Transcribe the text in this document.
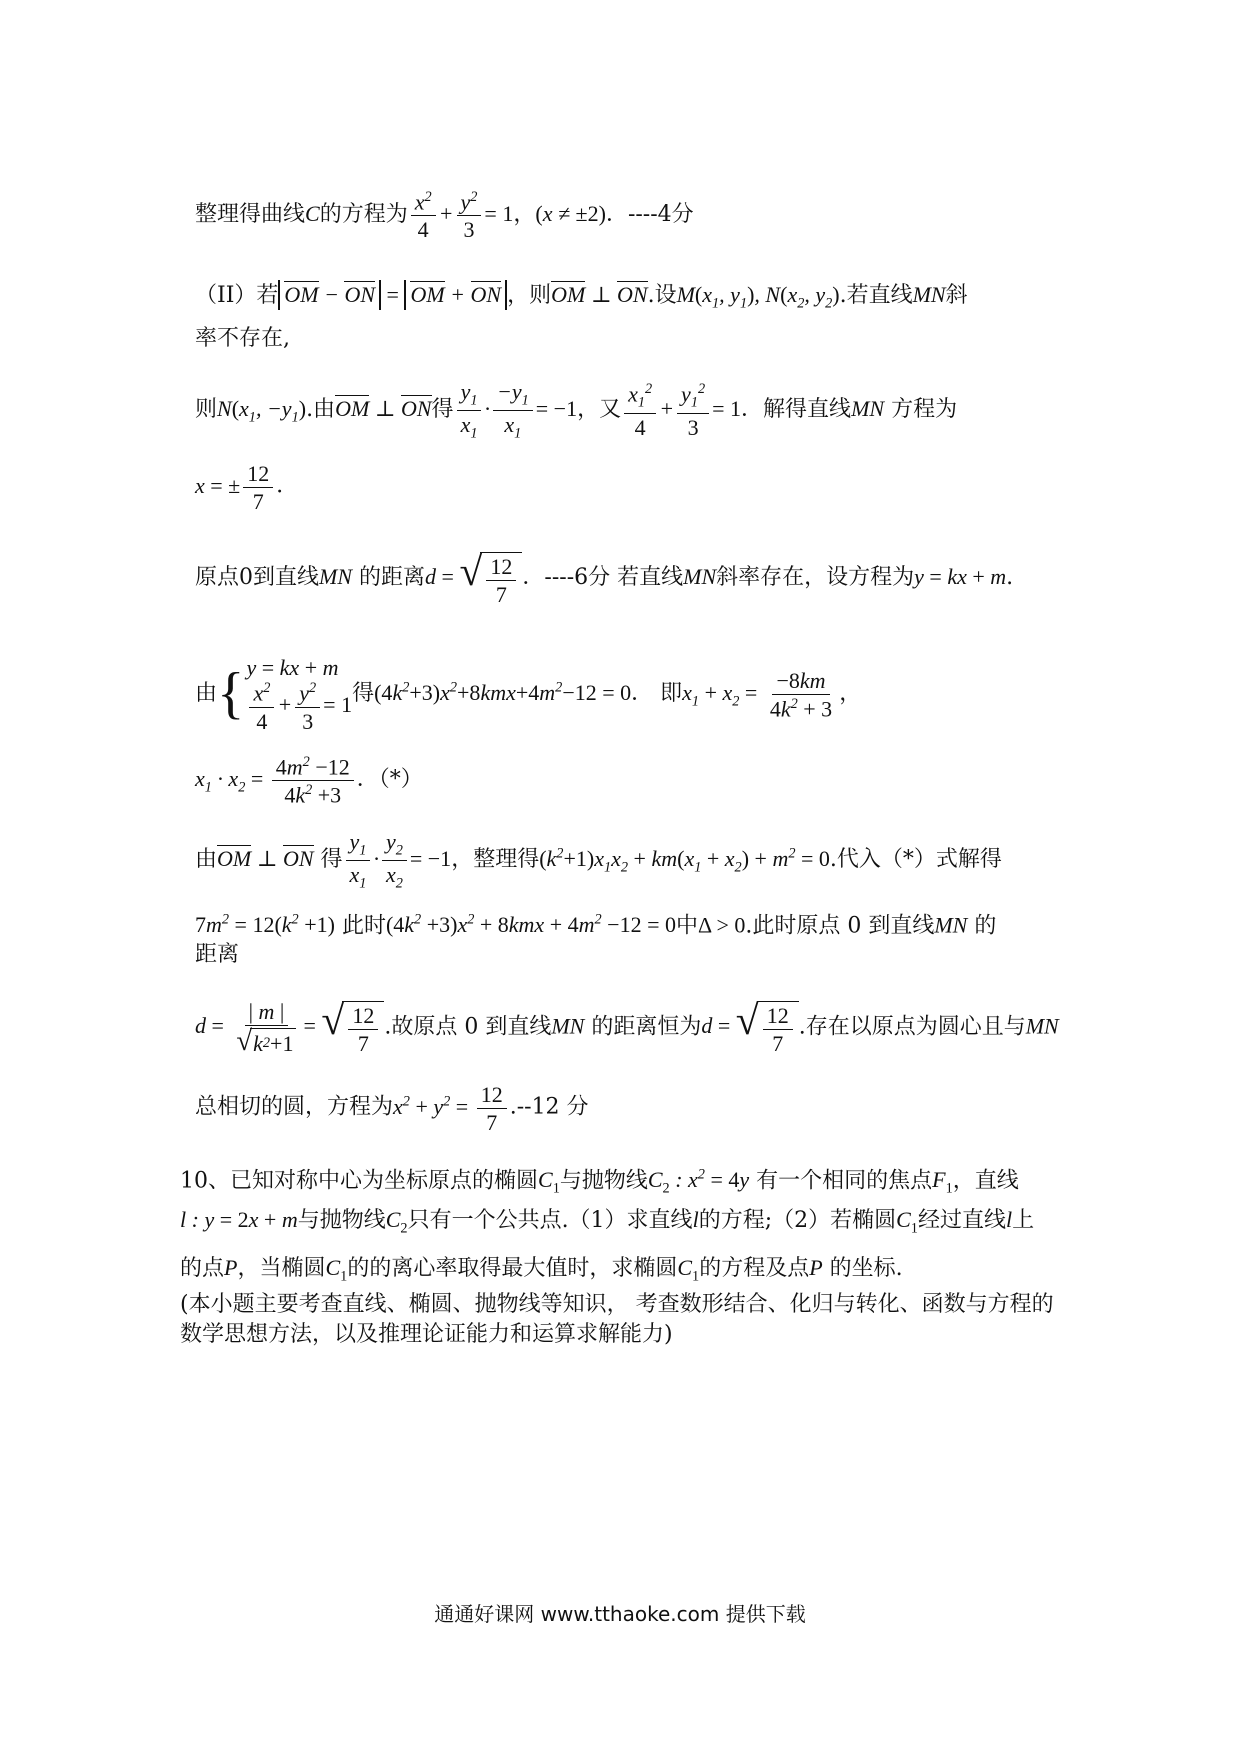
整理得曲线C的方程为 $\frac{x^2}{4} + \frac{y^2}{3} = 1$，(x ≠ ±2)．----4分
（II）若 OM − ON = OM + ON ，则OM ⊥ ON.设$M(x_1$, $y_1$), $N(x_2$, $y_2$).若直线MN斜
率不存在,
则$N(x_1$, $-y_1$).由OM ⊥ ON得 $\frac{y_1}{x_1} \cdot \frac{-y_1}{x_1} = -1$，又 $\frac{x_1^2}{4} + \frac{y_1^2}{3} = 1$．解得直线MN 方程为
x = ± $\frac{12}{7}$ ．
原点0到直线MN 的距离d = √ $\frac{12}{7}$ ．----6分 若直线MN斜率存在，设方程为y = kx + m.
由 { y = kx + m
$\frac{x^2}{4} + \frac{y^2}{3} = 1$ 得$(4k^2+3)x^2+8kmx+4m^2-12 = 0$． 即$x_1 + x_2 = \frac{-8km}{4k^2 + 3}$ ，
$x_1 \cdot x_2 = \frac{4m^2 -12}{4k^2 +3}$ ．（*）
由OM ⊥ ON 得 $\frac{y_1}{x_1} \cdot \frac{y_2}{x_2} = -1$，整理得$(k^2+1)x_1x_2 + km(x_1 + x_2) + m^2 = 0$.代入（*）式解得
$7m^2 = 12(k^2 +1)$ 此时$(4k^2 +3)x^2 + 8kmx + 4m^2 -12 = 0$中Δ > 0.此时原点 0 到直线MN 的
距离
$d = \frac{| m |}{√ k 2 +1}$ = √ $\frac{12}{7}$ .故原点 0 到直线MN 的距离恒为d = √ $\frac{12}{7}$ .存在以原点为圆心且与MN
总相切的圆，方程为$x^2 + y^2 = \frac{12}{7} .--12$ 分
10、已知对称中心为坐标原点的椭圆$C_1$与抛物线$C_2$ : $x^2 = 4y$ 有一个相同的焦点$F_1$，直线
l : y = 2x + m与抛物线$C_2$只有一个公共点.（1）求直线l的方程;（2）若椭圆$C_1$经过直线l上
的点P，当椭圆$C_1$的的离心率取得最大值时，求椭圆$C_1$的方程及点P 的坐标.
(本小题主要考查直线、椭圆、抛物线等知识， 考查数形结合、化归与转化、函数与方程的
数学思想方法，以及推理论证能力和运算求解能力)
通通好课网 www.tthaoke.com 提供下载
